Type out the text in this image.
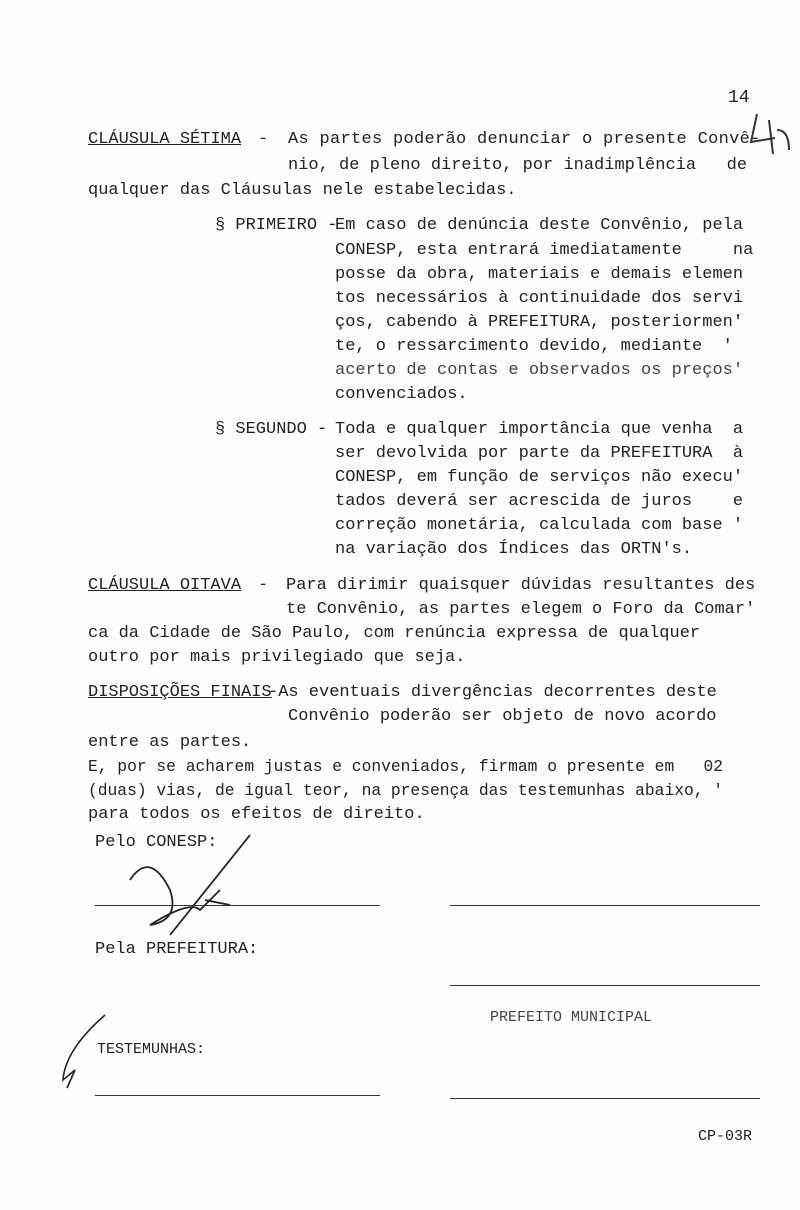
14
CLÁUSULA SÉTIMA - As partes poderão denunciar o presente Convê-
nio, de pleno direito, por inadimplência   de
qualquer das Cláusulas nele estabelecidas.
§ PRIMEIRO -
Em caso de denúncia deste Convênio, pela
CONESP, esta entrará imediatamente     na
posse da obra, materiais e demais elemen
tos necessários à continuidade dos servi
ços, cabendo à PREFEITURA, posteriormen'
te, o ressarcimento devido, mediante  '
acerto de contas e observados os preços'
convenciados.
§ SEGUNDO - Toda e qualquer importância que venha  a
ser devolvida por parte da PREFEITURA  à
CONESP, em função de serviços não execu'
tados deverá ser acrescida de juros    e
correção monetária, calculada com base '
na variação dos Índices das ORTN's.
CLÁUSULA OITAVA - Para dirimir quaisquer dúvidas resultantes des
te Convênio, as partes elegem o Foro da Comar'
ca da Cidade de São Paulo, com renúncia expressa de qualquer
outro por mais privilegiado que seja.
DISPOSIÇÕES FINAIS
-As eventuais divergências decorrentes deste
Convênio poderão ser objeto de novo acordo
entre as partes.
E, por se acharem justas e conveniados, firmam o presente em   02
(duas) vias, de igual teor, na presença das testemunhas abaixo, '
para todos os efeitos de direito.
Pelo CONESP:
Pela PREFEITURA:
PREFEITO MUNICIPAL
TESTEMUNHAS:
CP-03R
